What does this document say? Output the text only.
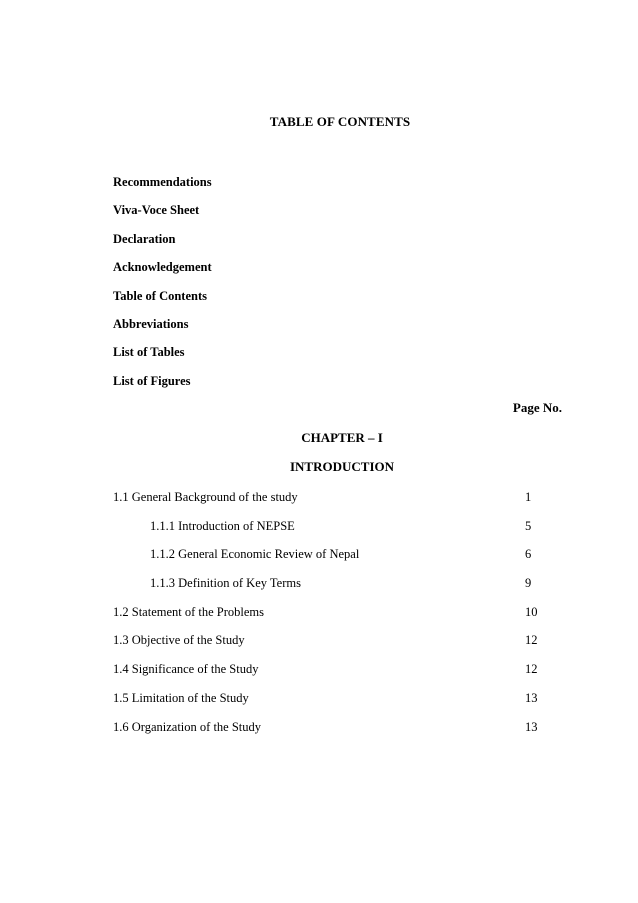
TABLE OF CONTENTS
Recommendations
Viva-Voce Sheet
Declaration
Acknowledgement
Table of Contents
Abbreviations
List of Tables
List of Figures
Page No.
CHAPTER – I
INTRODUCTION
1.1 General Background of the study	1
1.1.1 Introduction of NEPSE	5
1.1.2 General Economic Review of Nepal	6
1.1.3 Definition of Key Terms	9
1.2 Statement of the Problems	10
1.3 Objective of the Study	12
1.4 Significance of the Study	12
1.5 Limitation of the Study	13
1.6 Organization of the Study	13
